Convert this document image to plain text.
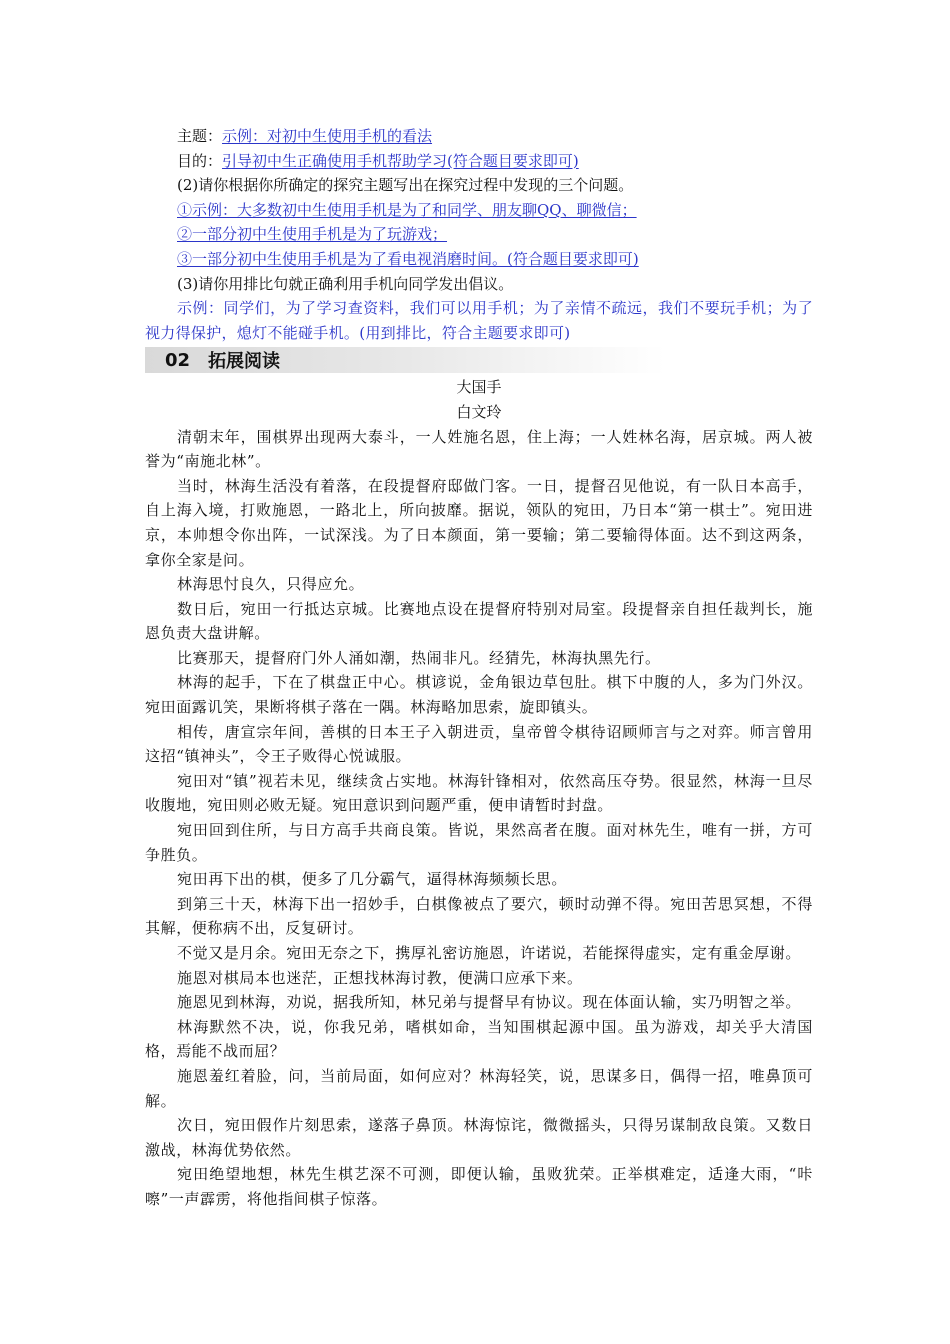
主题：示例：对初中生使用手机的看法
目的：引导初中生正确使用手机帮助学习(符合题目要求即可)
(2)请你根据你所确定的探究主题写出在探究过程中发现的三个问题。
①示例：大多数初中生使用手机是为了和同学、朋友聊QQ、聊微信；
②一部分初中生使用手机是为了玩游戏；
③一部分初中生使用手机是为了看电视消磨时间。(符合题目要求即可)
(3)请你用排比句就正确利用手机向同学发出倡议。
示例：同学们，为了学习查资料，我们可以用手机；为了亲情不疏远，我们不要玩手机；为了视力得保护，熄灯不能碰手机。(用到排比，符合主题要求即可)
02 拓展阅读
大国手
白文玲
清朝末年，围棋界出现两大泰斗，一人姓施名恩，住上海；一人姓林名海，居京城。两人被誉为“南施北林”。
当时，林海生活没有着落，在段提督府邸做门客。一日，提督召见他说，有一队日本高手，自上海入境，打败施恩，一路北上，所向披靡。据说，领队的宛田，乃日本“第一棋士”。宛田进京，本帅想令你出阵，一试深浅。为了日本颜面，第一要输；第二要输得体面。达不到这两条，拿你全家是问。
林海思忖良久，只得应允。
数日后，宛田一行抵达京城。比赛地点设在提督府特别对局室。段提督亲自担任裁判长，施恩负责大盘讲解。
比赛那天，提督府门外人涌如潮，热闹非凡。经猜先，林海执黑先行。
林海的起手，下在了棋盘正中心。棋谚说，金角银边草包肚。棋下中腹的人，多为门外汉。宛田面露讥笑，果断将棋子落在一隅。林海略加思索，旋即镇头。
相传，唐宣宗年间，善棋的日本王子入朝进贡，皇帝曾令棋待诏顾师言与之对弈。师言曾用这招“镇神头”，令王子败得心悦诚服。
宛田对“镇”视若未见，继续贪占实地。林海针锋相对，依然高压夺势。很显然，林海一旦尽收腹地，宛田则必败无疑。宛田意识到问题严重，便申请暂时封盘。
宛田回到住所，与日方高手共商良策。皆说，果然高者在腹。面对林先生，唯有一拼，方可争胜负。
宛田再下出的棋，便多了几分霸气，逼得林海频频长思。
到第三十天，林海下出一招妙手，白棋像被点了要穴，顿时动弹不得。宛田苦思冥想，不得其解，便称病不出，反复研讨。
不觉又是月余。宛田无奈之下，携厚礼密访施恩，许诺说，若能探得虚实，定有重金厚谢。
施恩对棋局本也迷茫，正想找林海讨教，便满口应承下来。
施恩见到林海，劝说，据我所知，林兄弟与提督早有协议。现在体面认输，实乃明智之举。
林海默然不决，说，你我兄弟，嗜棋如命，当知围棋起源中国。虽为游戏，却关乎大清国格，焉能不战而屈？
施恩羞红着脸，问，当前局面，如何应对？林海轻笑，说，思谋多日，偶得一招，唯鼻顶可解。
次日，宛田假作片刻思索，遂落子鼻顶。林海惊诧，微微摇头，只得另谋制敌良策。又数日激战，林海优势依然。
宛田绝望地想，林先生棋艺深不可测，即便认输，虽败犹荣。正举棋难定，适逢大雨，“咔嚓”一声霹雳，将他指间棋子惊落。
